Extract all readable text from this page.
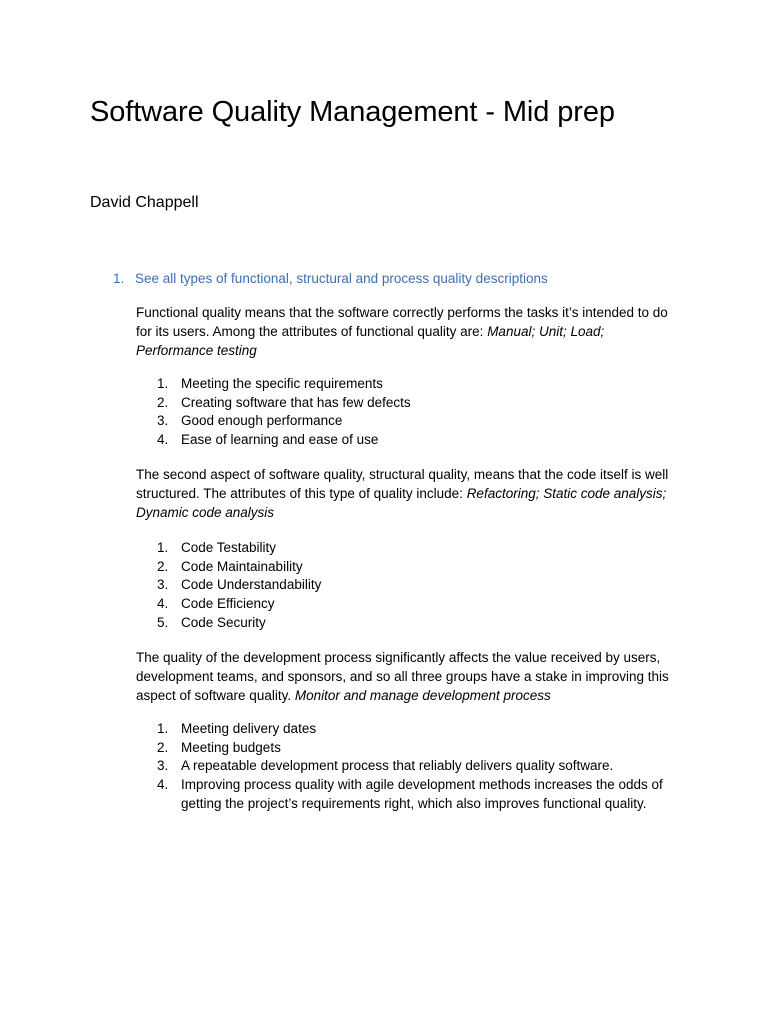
Software Quality Management - Mid prep
David Chappell
1. See all types of functional, structural and process quality descriptions

Functional quality means that the software correctly performs the tasks it’s intended to do for its users. Among the attributes of functional quality are: Manual; Unit; Load; Performance testing

1. Meeting the specific requirements
2. Creating software that has few defects
3. Good enough performance
4. Ease of learning and ease of use

The second aspect of software quality, structural quality, means that the code itself is well structured. The attributes of this type of quality include: Refactoring; Static code analysis; Dynamic code analysis

1. Code Testability
2. Code Maintainability
3. Code Understandability
4. Code Efficiency
5. Code Security

The quality of the development process significantly affects the value received by users, development teams, and sponsors, and so all three groups have a stake in improving this aspect of software quality. Monitor and manage development process

1. Meeting delivery dates
2. Meeting budgets
3. A repeatable development process that reliably delivers quality software.
4. Improving process quality with agile development methods increases the odds of getting the project’s requirements right, which also improves functional quality.
